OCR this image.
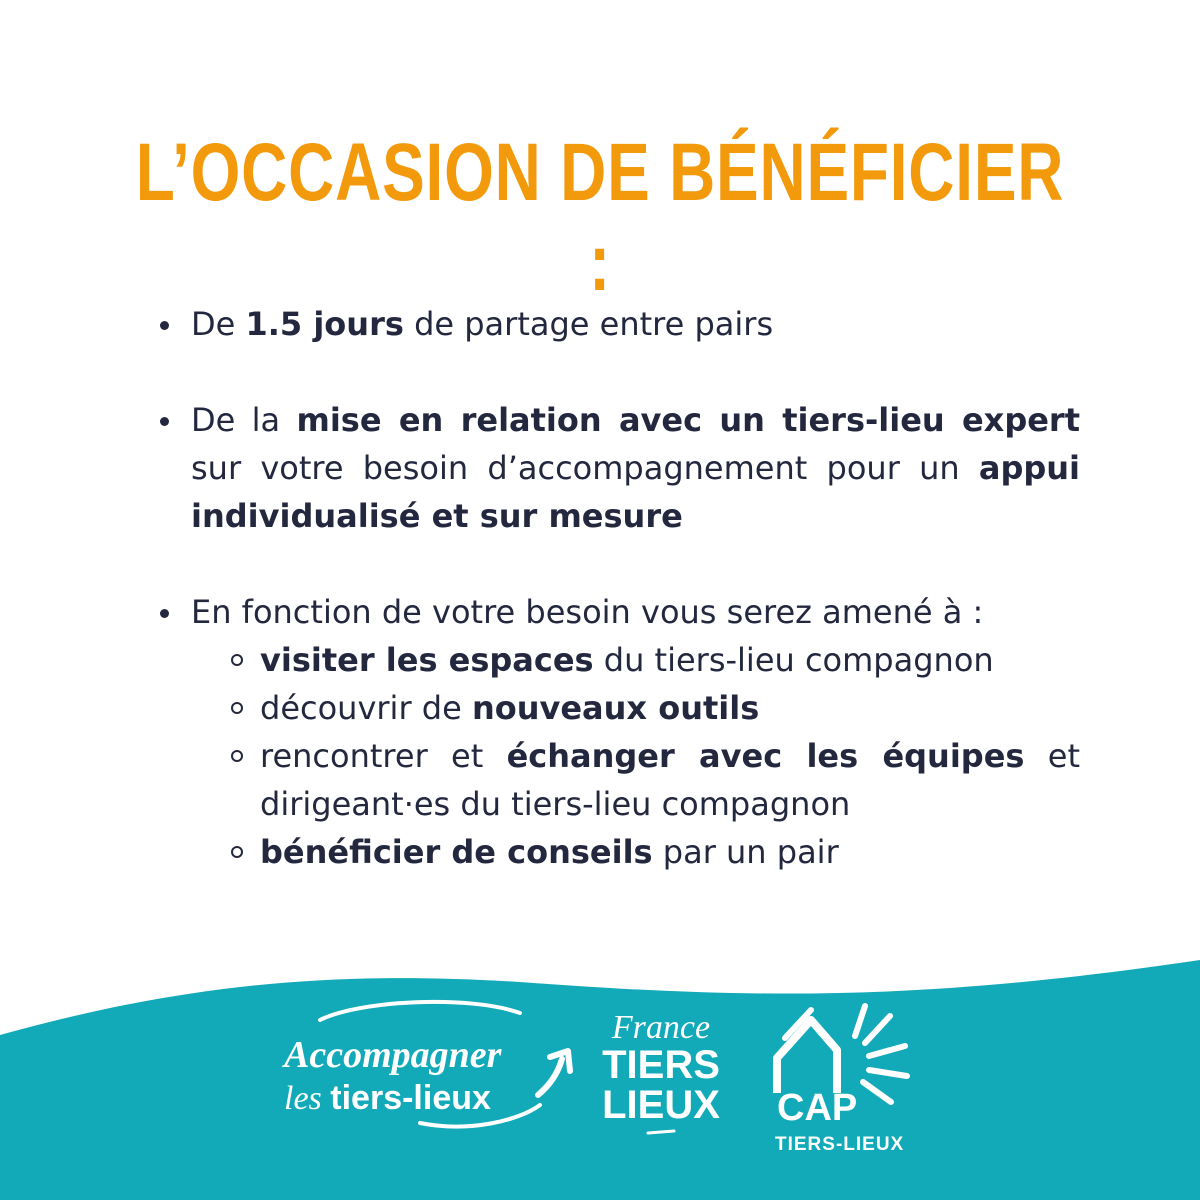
L’OCCASION DE BÉNÉFICIER :
De 1.5 jours de partage entre pairs
De la mise en relation avec un tiers-lieu expert sur votre besoin d’accompagnement pour un appui individualisé et sur mesure
En fonction de votre besoin vous serez amené à :
visiter les espaces du tiers-lieu compagnon
découvrir de nouveaux outils
rencontrer et échanger avec les équipes et dirigeant·es du tiers-lieu compagnon
bénéficier de conseils par un pair
Accompagner
les tiers-lieux
France
TIERS
LIEUX CAP
TIERS-LIEUX
